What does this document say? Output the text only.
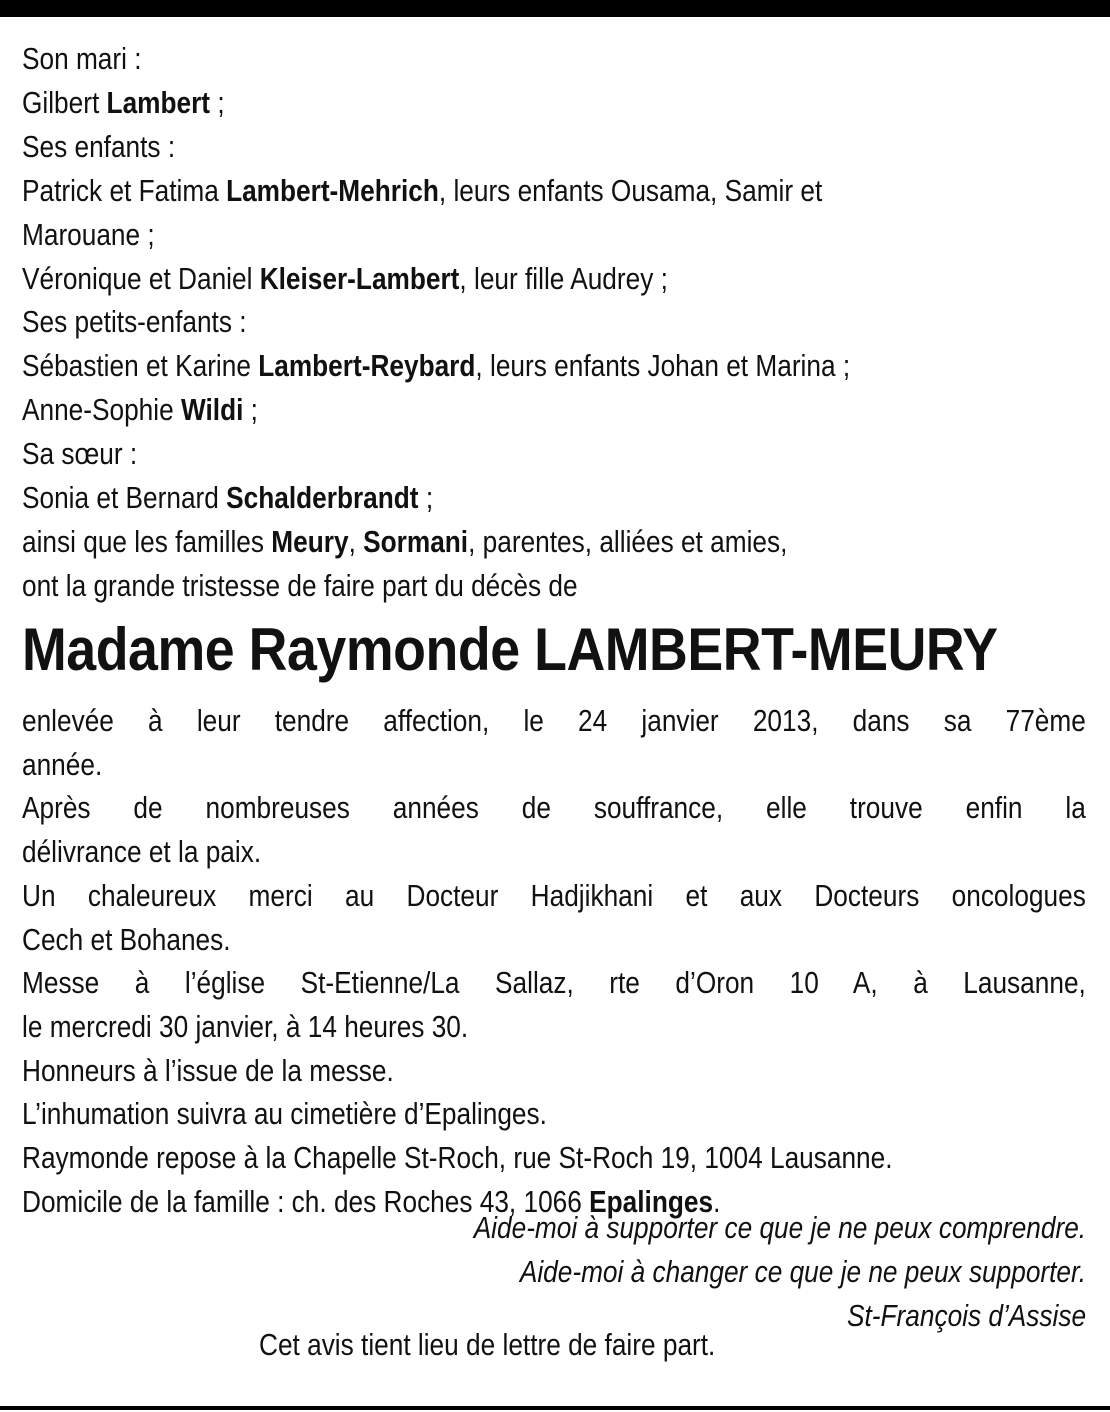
Son mari :
Gilbert Lambert ;
Ses enfants :
Patrick et Fatima Lambert-Mehrich, leurs enfants Ousama, Samir et
Marouane ;
Véronique et Daniel Kleiser-Lambert, leur fille Audrey ;
Ses petits-enfants :
Sébastien et Karine Lambert-Reybard, leurs enfants Johan et Marina ;
Anne-Sophie Wildi ;
Sa sœur :
Sonia et Bernard Schalderbrandt ;
ainsi que les familles Meury, Sormani, parentes, alliées et amies,
ont la grande tristesse de faire part du décès de
Madame Raymonde LAMBERT-MEURY
enlevée à leur tendre affection, le 24 janvier 2013, dans sa 77ème
année.
Après de nombreuses années de souffrance, elle trouve enfin la
délivrance et la paix.
Un chaleureux merci au Docteur Hadjikhani et aux Docteurs oncologues
Cech et Bohanes.
Messe à l’église St-Etienne/La Sallaz, rte d’Oron 10 A, à Lausanne,
le mercredi 30 janvier, à 14 heures 30.
Honneurs à l’issue de la messe.
L’inhumation suivra au cimetière d’Epalinges.
Raymonde repose à la Chapelle St-Roch, rue St-Roch 19, 1004 Lausanne.
Domicile de la famille : ch. des Roches 43, 1066 Epalinges.
Aide-moi à supporter ce que je ne peux comprendre.
Aide-moi à changer ce que je ne peux supporter.
St-François d’Assise
Cet avis tient lieu de lettre de faire part.
